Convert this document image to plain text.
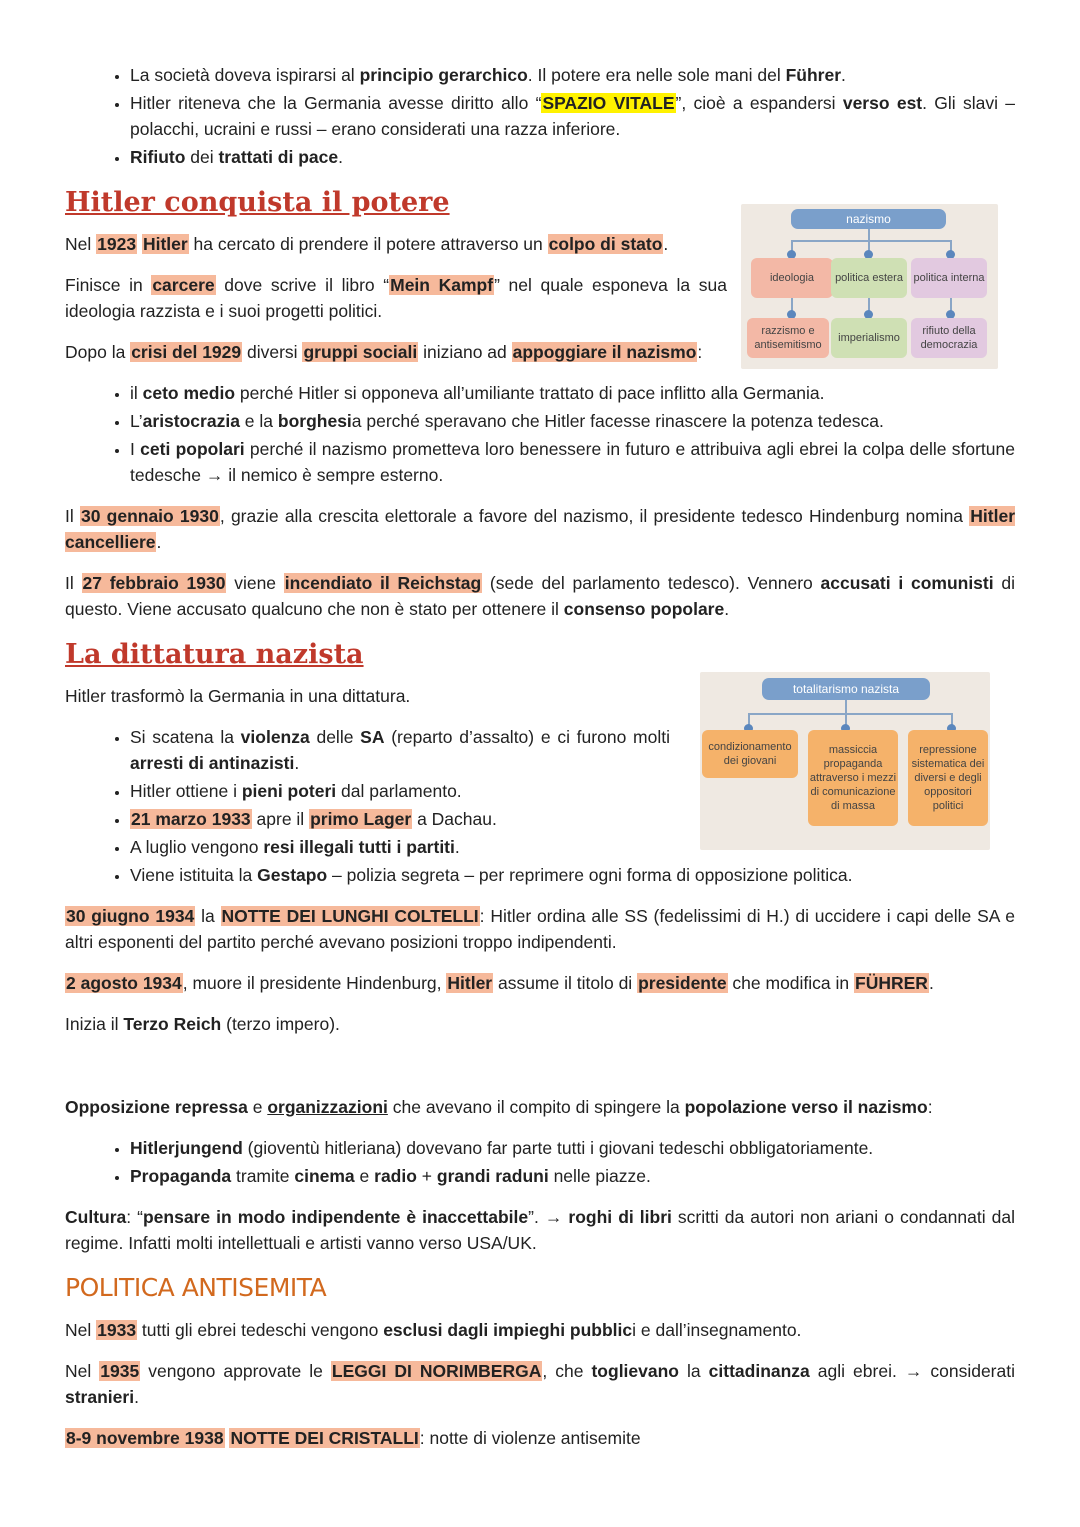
nazismo
ideologia	politica estera politica interna
razzismo e antisemitismo
imperialismo
rifiuto della democrazia
totalitarismo nazista
condizionamento dei giovani
massiccia propaganda attraverso i mezzi di comunicazione di massa
repressione sistematica dei diversi e degli oppositori politici
• La società doveva ispirarsi al principio gerarchico. Il potere era nelle sole mani del Führer.
• Hitler riteneva che la Germania avesse diritto allo “SPAZIO VITALE”, cioè a espandersi verso est. Gli slavi – polacchi, ucraini e russi – erano considerati una razza inferiore.
• Rifiuto dei trattati di pace.
Hitler conquista il potere

Nel 1923 Hitler ha cercato di prendere il potere attraverso un colpo di stato.

Finisce in carcere dove scrive il libro “Mein Kampf” nel quale esponeva la sua ideologia razzista e i suoi progetti politici.

Dopo la crisi del 1929 diversi gruppi sociali iniziano ad appoggiare il nazismo:

• il ceto medio perché Hitler si opponeva all’umiliante trattato di pace inflitto alla Germania.
• L’aristocrazia e la borghesia perché speravano che Hitler facesse rinascere la potenza tedesca.
• I ceti popolari perché il nazismo prometteva loro benessere in futuro e attribuiva agli ebrei la colpa delle sfortune tedesche → il nemico è sempre esterno.

Il 30 gennaio 1930, grazie alla crescita elettorale a favore del nazismo, il presidente tedesco Hindenburg nomina Hitler cancelliere.

Il 27 febbraio 1930 viene incendiato il Reichstag (sede del parlamento tedesco). Vennero accusati i comunisti di questo. Viene accusato qualcuno che non è stato per ottenere il consenso popolare.

La dittatura nazista

Hitler trasformò la Germania in una dittatura.

• Si scatena la violenza delle SA (reparto d’assalto) e ci furono molti arresti di antinazisti.
• Hitler ottiene i pieni poteri dal parlamento.
• 21 marzo 1933 apre il primo Lager a Dachau.
• A luglio vengono resi illegali tutti i partiti.
• Viene istituita la Gestapo – polizia segreta – per reprimere ogni forma di opposizione politica.

30 giugno 1934 la NOTTE DEI LUNGHI COLTELLI: Hitler ordina alle SS (fedelissimi di H.) di uccidere i capi delle SA e altri esponenti del partito perché avevano posizioni troppo indipendenti.

2 agosto 1934, muore il presidente Hindenburg, Hitler assume il titolo di presidente che modifica in FÜHRER.

Inizia il Terzo Reich (terzo impero).

Opposizione repressa e organizzazioni che avevano il compito di spingere la popolazione verso il nazismo:

• Hitlerjungend (gioventù hitleriana) dovevano far parte tutti i giovani tedeschi obbligatoriamente.
• Propaganda tramite cinema e radio + grandi raduni nelle piazze.

Cultura: “pensare in modo indipendente è inaccettabile”. → roghi di libri scritti da autori non ariani o condannati dal regime. Infatti molti intellettuali e artisti vanno verso USA/UK.

POLITICA ANTISEMITA

Nel 1933 tutti gli ebrei tedeschi vengono esclusi dagli impieghi pubblici e dall’insegnamento.

Nel 1935 vengono approvate le LEGGI DI NORIMBERGA, che toglievano la cittadinanza agli ebrei. → considerati stranieri.

8-9 novembre 1938 NOTTE DEI CRISTALLI: notte di violenze antisemite
